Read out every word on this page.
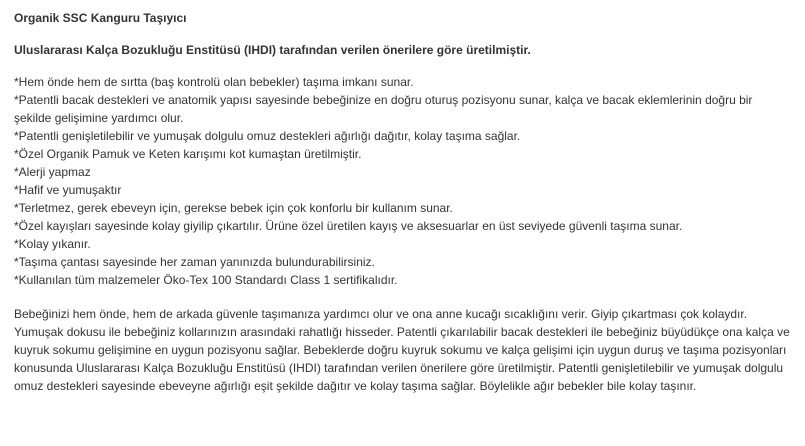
Organik SSC Kanguru Taşıyıcı
Uluslararası Kalça Bozukluğu Enstitüsü (IHDI) tarafından verilen önerilere göre üretilmiştir.
*Hem önde hem de sırtta (baş kontrolü olan bebekler) taşıma imkanı sunar.
*Patentli bacak destekleri ve anatomik yapısı sayesinde bebeğinize en doğru oturuş pozisyonu sunar, kalça ve bacak eklemlerinin doğru bir şekilde gelişimine yardımcı olur.
*Patentli genişletilebilir ve yumuşak dolgulu omuz destekleri ağırlığı dağıtır, kolay taşıma sağlar.
*Özel Organik Pamuk ve Keten karışımı kot kumaştan üretilmiştir.
*Alerji yapmaz
*Hafif ve yumuşaktır
*Terletmez, gerek ebeveyn için, gerekse bebek için çok konforlu bir kullanım sunar.
*Özel kayışları sayesinde kolay giyilip çıkartılır. Ürüne özel üretilen kayış ve aksesuarlar en üst seviyede güvenli taşıma sunar.
*Kolay yıkanır.
*Taşıma çantası sayesinde her zaman yanınızda bulundurabilirsiniz.
*Kullanılan tüm malzemeler Öko-Tex 100 Standardı Class 1 sertifikalıdır.

Bebeğinizi hem önde, hem de arkada güvenle taşımanıza yardımcı olur ve ona anne kucağı sıcaklığını verir. Giyip çıkartması çok kolaydır. Yumuşak dokusu ile bebeğiniz kollarınızın arasındaki rahatlığı hisseder. Patentli çıkarılabilir bacak destekleri ile bebeğiniz büyüdükçe ona kalça ve kuyruk sokumu gelişimine en uygun pozisyonu sağlar. Bebeklerde doğru kuyruk sokumu ve kalça gelişimi için uygun duruş ve taşıma pozisyonları konusunda Uluslararası Kalça Bozukluğu Enstitüsü (IHDI) tarafından verilen önerilere göre üretilmiştir. Patentli genişletilebilir ve yumuşak dolgulu omuz destekleri sayesinde ebeveyne ağırlığı eşit şekilde dağıtır ve kolay taşıma sağlar. Böylelikle ağır bebekler bile kolay taşınır.
